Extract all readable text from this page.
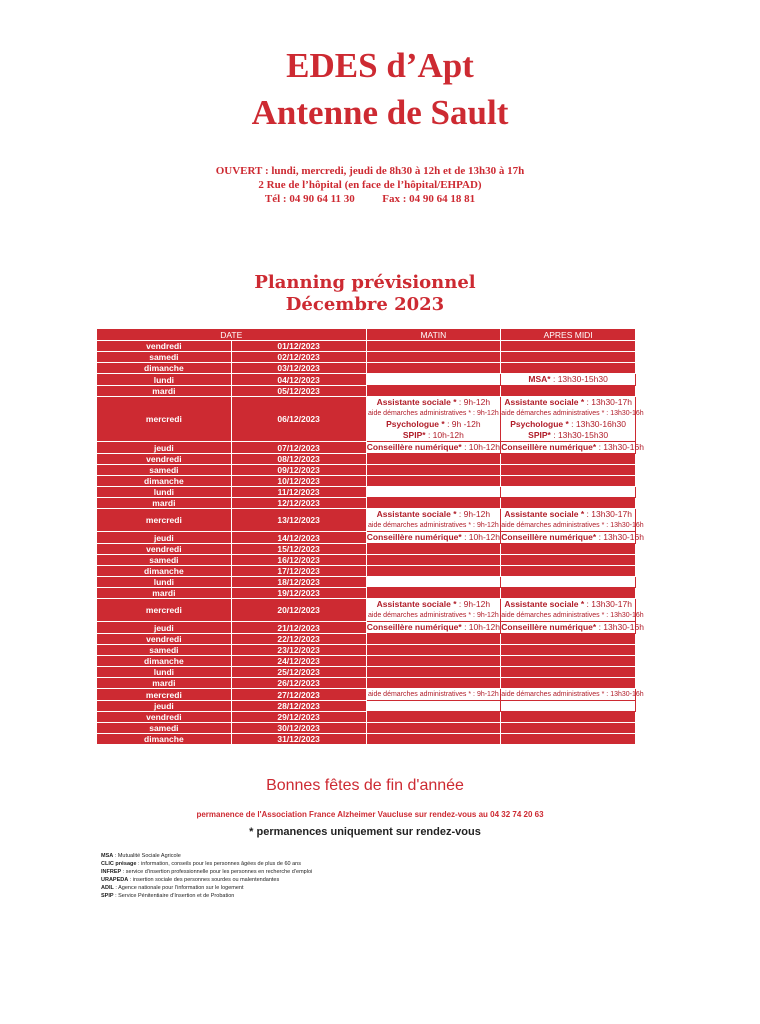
EDES d’Apt
Antenne de Sault
OUVERT : lundi, mercredi, jeudi de 8h30 à 12h et de 13h30 à 17h
2 Rue de l’hôpital (en face de l’hôpital/EHPAD)
Tél : 04 90 64 11 30	Fax : 04 90 64 18 81
Planning prévisionnel
Décembre 2023
DATE		MATIN	APRES MIDI
vendredi	01/12/2023		
samedi	02/12/2023		
dimanche	03/12/2023		
lundi	04/12/2023		MSA* : 13h30-15h30

mardi	05/12/2023		
mercredi	06/12/2023	Assistante sociale * : 9h-12h
aide démarches administratives * : 9h-12h
Psychologue * : 9h -12h
SPIP* : 10h-12h	Assistante sociale * : 13h30-17h
aide démarches administratives * : 13h30-16h
Psychologue * : 13h30-16h30
SPIP* : 13h30-15h30

jeudi	07/12/2023	Conseillère numérique* : 10h-12h	Conseillère numérique* : 13h30-16h

vendredi	08/12/2023		
samedi	09/12/2023		
dimanche	10/12/2023		
lundi	11/12/2023		
mardi	12/12/2023		
mercredi	13/12/2023	Assistante sociale * : 9h-12h
aide démarches administratives * : 9h-12h	Assistante sociale * : 13h30-17h
aide démarches administratives * : 13h30-16h

jeudi	14/12/2023	Conseillère numérique* : 10h-12h	Conseillère numérique* : 13h30-16h

vendredi	15/12/2023		
samedi	16/12/2023		
dimanche	17/12/2023		
lundi	18/12/2023		
mardi	19/12/2023		
mercredi	20/12/2023	Assistante sociale * : 9h-12h
aide démarches administratives * : 9h-12h	Assistante sociale * : 13h30-17h
aide démarches administratives * : 13h30-16h

jeudi	21/12/2023	Conseillère numérique* : 10h-12h	Conseillère numérique* : 13h30-16h

vendredi	22/12/2023		
samedi	23/12/2023		
dimanche	24/12/2023		
lundi	25/12/2023		
mardi	26/12/2023		
mercredi	27/12/2023	aide démarches administratives * : 9h-12h	aide démarches administratives * : 13h30-16h

jeudi	28/12/2023		
vendredi	29/12/2023		
samedi	30/12/2023		
dimanche	31/12/2023		
Bonnes fêtes de fin d'année
permanence de l'Association France Alzheimer Vaucluse sur rendez-vous au 04 32 74 20 63
* permanences uniquement sur rendez-vous
MSA : Mutualité Sociale Agricole
CLIC présage : information, conseils pour les personnes âgées de plus de 60 ans
INFREP : service d’insertion professionnelle pour les personnes en recherche d’emploi
URAPEDA : insertion sociale des personnes sourdes ou malentendantes
ADIL : Agence nationale pour l’information sur le logement
SPIP : Service Pénitentiaire d’Insertion et de Probation
